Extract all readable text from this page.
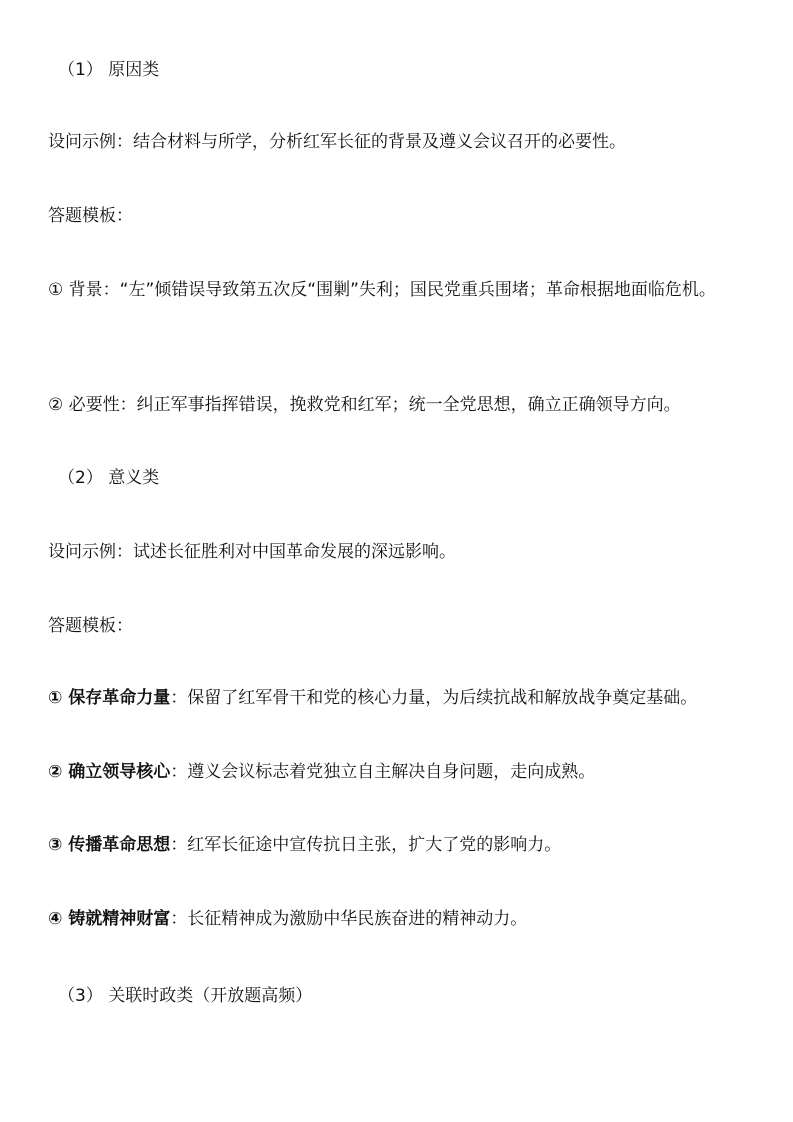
（1） 原因类
设问示例：结合材料与所学，分析红军长征的背景及遵义会议召开的必要性。
答题模板：
① 背景：“左”倾错误导致第五次反“围剿”失利；国民党重兵围堵；革命根据地面临危机。
② 必要性：纠正军事指挥错误，挽救党和红军；统一全党思想，确立正确领导方向。
（2） 意义类
设问示例：试述长征胜利对中国革命发展的深远影响。
答题模板：
① 保存革命力量：保留了红军骨干和党的核心力量，为后续抗战和解放战争奠定基础。
② 确立领导核心：遵义会议标志着党独立自主解决自身问题，走向成熟。
③ 传播革命思想：红军长征途中宣传抗日主张，扩大了党的影响力。
④ 铸就精神财富：长征精神成为激励中华民族奋进的精神动力。
（3） 关联时政类（开放题高频）
